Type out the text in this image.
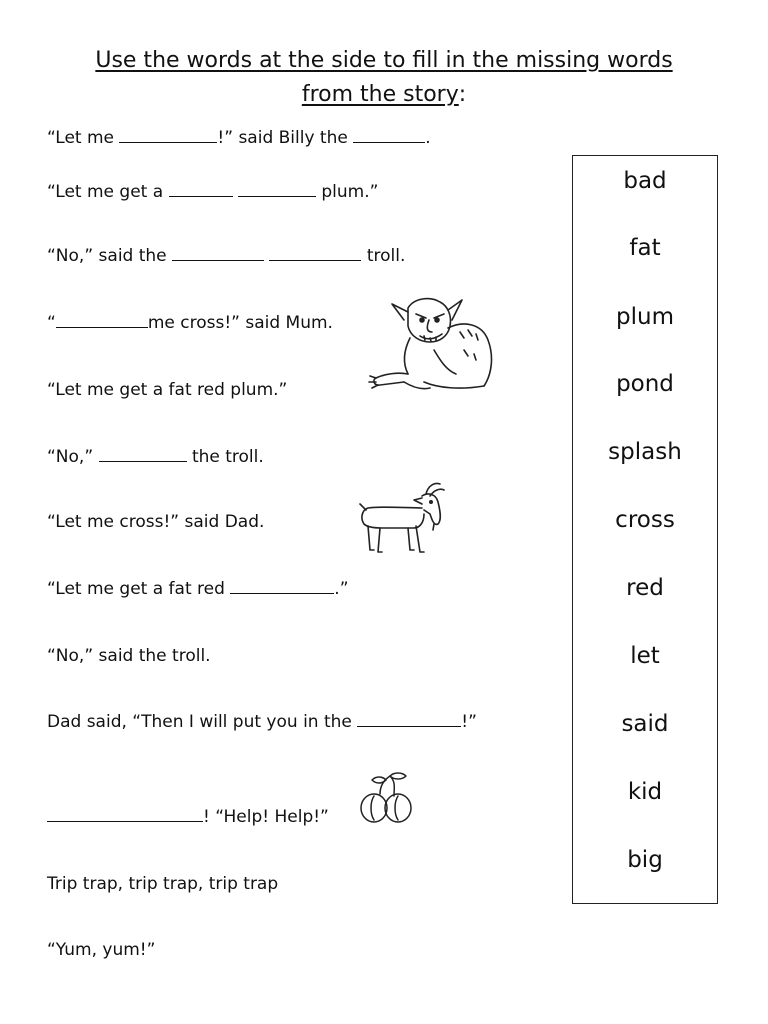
Use the words at the side to fill in the missing words
from the story:
“Let me	!” said Billy the	.
“Let me get a	plum.”
“No,” said the	troll.
“	me cross!” said Mum.
“Let me get a fat red plum.”
“No,”	the troll.
“Let me cross!” said Dad.
“Let me get a fat red	.”
“No,” said the troll.
Dad said, “Then I will put you in the	!”
! “Help! Help!”
Trip trap, trip trap, trip trap
“Yum, yum!”
bad
fat
plum
pond
splash
cross
red
let
said
kid
big
